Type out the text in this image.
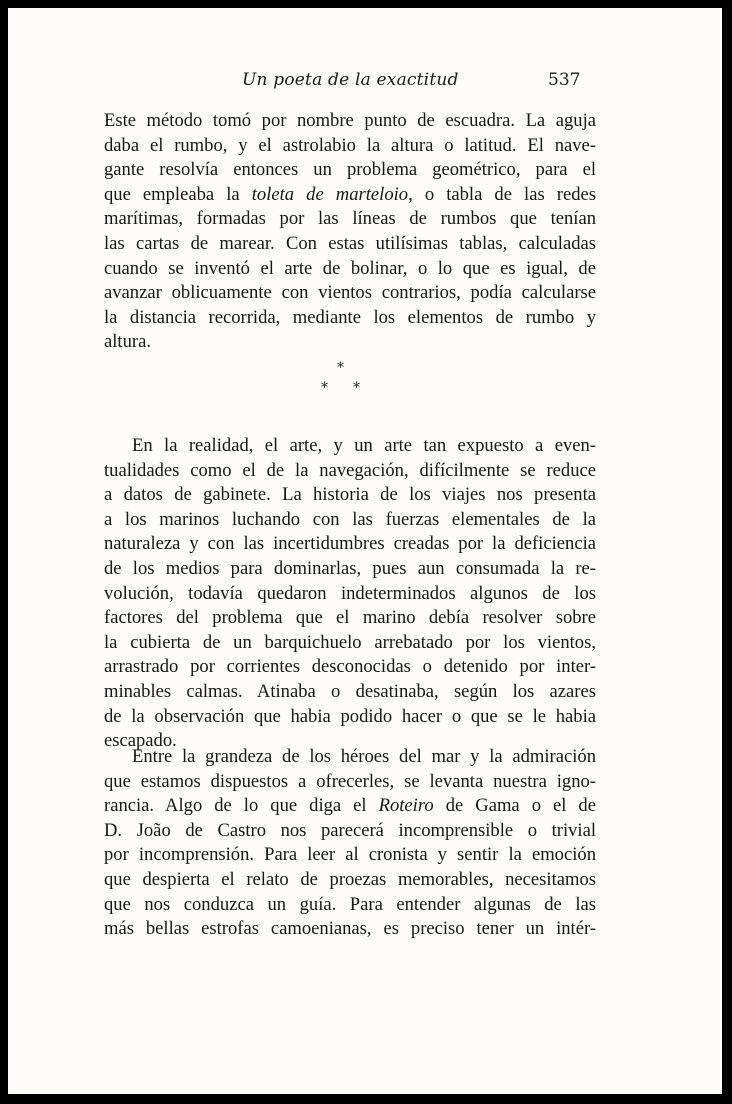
Un poeta de la exactitud	537
Este método tomó por nombre punto de escuadra. La aguja
daba el rumbo, y el astrolabio la altura o latitud. El nave-
gante resolvía entonces un problema geométrico, para el
que empleaba la toleta de marteloio, o tabla de las redes
marítimas, formadas por las líneas de rumbos que tenían
las cartas de marear. Con estas utilísimas tablas, calculadas
cuando se inventó el arte de bolinar, o lo que es igual, de
avanzar oblicuamente con vientos contrarios, podía calcularse
la distancia recorrida, mediante los elementos de rumbo y
altura.
*
* *
En la realidad, el arte, y un arte tan expuesto a even-
tualidades como el de la navegación, difícilmente se reduce
a datos de gabinete. La historia de los viajes nos presenta
a los marinos luchando con las fuerzas elementales de la
naturaleza y con las incertidumbres creadas por la deficiencia
de los medios para dominarlas, pues aun consumada la re-
volución, todavía quedaron indeterminados algunos de los
factores del problema que el marino debía resolver sobre
la cubierta de un barquichuelo arrebatado por los vientos,
arrastrado por corrientes desconocidas o detenido por inter-
minables calmas. Atinaba o desatinaba, según los azares
de la observación que habia podido hacer o que se le habia
escapado.
Entre la grandeza de los héroes del mar y la admiración
que estamos dispuestos a ofrecerles, se levanta nuestra igno-
rancia. Algo de lo que diga el Roteiro de Gama o el de
D. João de Castro nos parecerá incomprensible o trivial
por incomprensión. Para leer al cronista y sentir la emoción
que despierta el relato de proezas memorables, necesitamos
que nos conduzca un guía. Para entender algunas de las
más bellas estrofas camoenianas, es preciso tener un intér-
